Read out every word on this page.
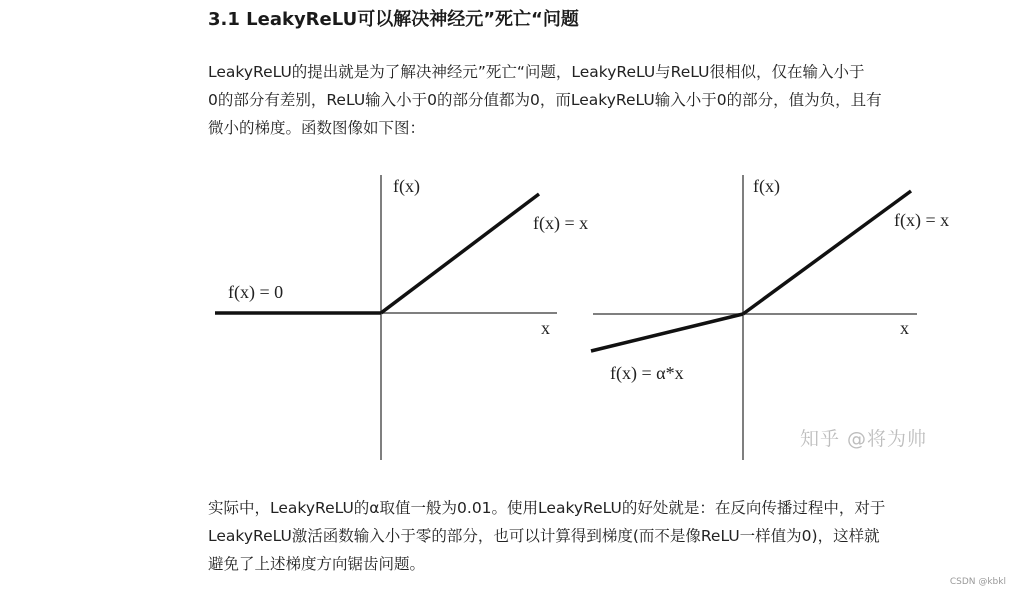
3.1 LeakyReLU可以解决神经元”死亡“问题
LeakyReLU的提出就是为了解决神经元”死亡“问题，LeakyReLU与ReLU很相似，仅在输入小于
0的部分有差别，ReLU输入小于0的部分值都为0，而LeakyReLU输入小于0的部分，值为负，且有
微小的梯度。函数图像如下图：
f(x)
x
f(x) = x
f(x) = 0
f(x)
x
f(x) = x
f(x) = α*x
知乎 @将为帅
实际中，LeakyReLU的α取值一般为0.01。使用LeakyReLU的好处就是：在反向传播过程中，对于
LeakyReLU激活函数输入小于零的部分，也可以计算得到梯度(而不是像ReLU一样值为0)，这样就
避免了上述梯度方向锯齿问题。
CSDN @kbkl
